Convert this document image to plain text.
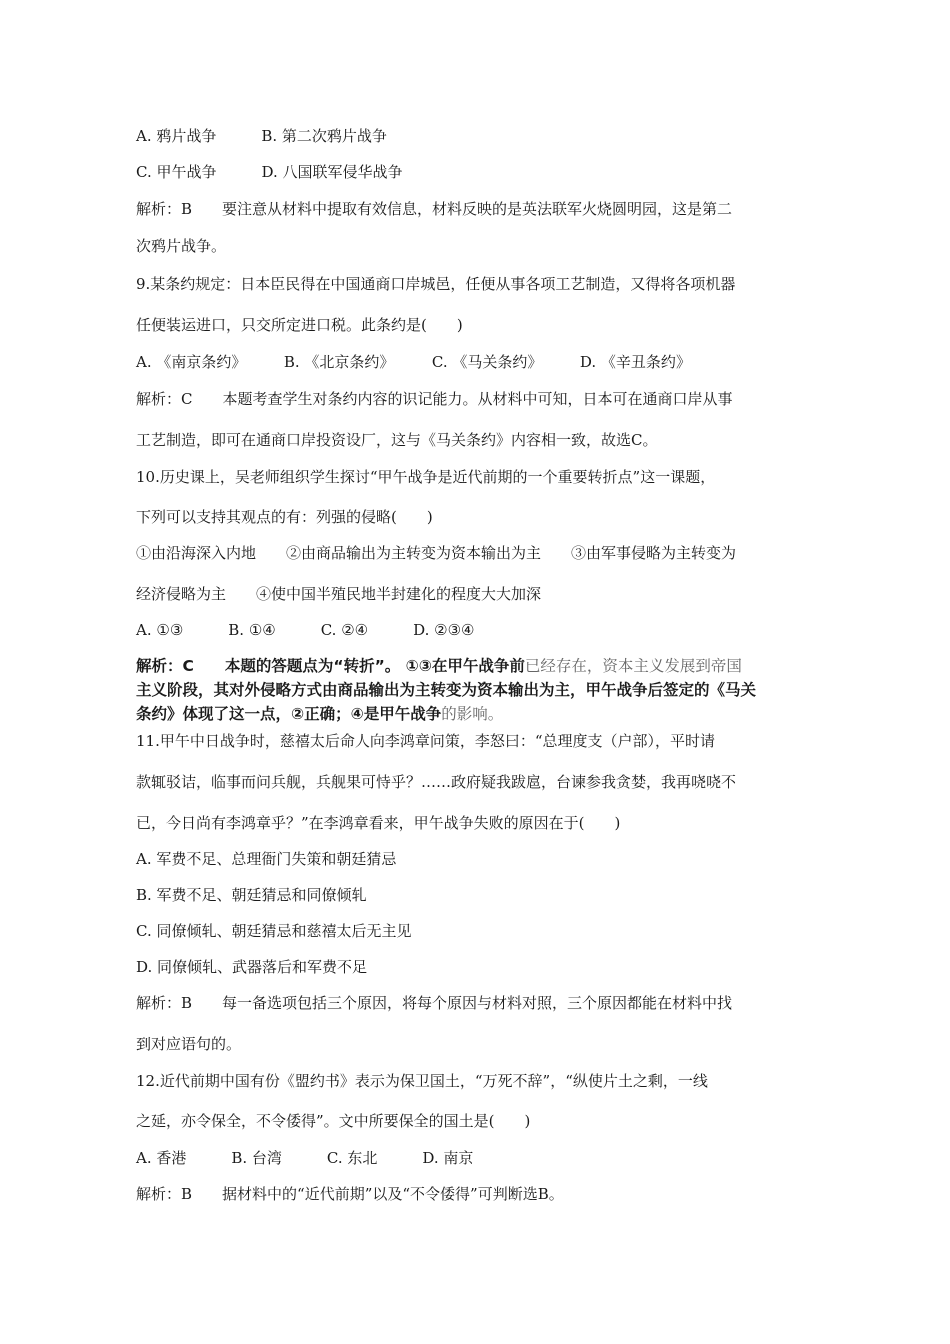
A. 鸦片战争　　　B. 第二次鸦片战争
C. 甲午战争　　　D. 八国联军侵华战争
解析：B　　要注意从材料中提取有效信息，材料反映的是英法联军火烧圆明园，这是第二
次鸦片战争。
9.某条约规定：日本臣民得在中国通商口岸城邑，任便从事各项工艺制造，又得将各项机器
任便装运进口，只交所定进口税。此条约是(　　)
A. 《南京条约》　　　B. 《北京条约》　　　C. 《马关条约》　　　D. 《辛丑条约》
解析：C　　本题考查学生对条约内容的识记能力。从材料中可知，日本可在通商口岸从事
工艺制造，即可在通商口岸投资设厂，这与《马关条约》内容相一致，故选C。
10.历史课上，吴老师组织学生探讨“甲午战争是近代前期的一个重要转折点”这一课题，
下列可以支持其观点的有：列强的侵略(　　)
①由沿海深入内地　　②由商品输出为主转变为资本输出为主　　③由军事侵略为主转变为
经济侵略为主　　④使中国半殖民地半封建化的程度大大加深
A. ①③　　　B. ①④　　　C. ②④　　　D. ②③④
解析：C　　本题的答题点为“转折”。 ①③在甲午战争前已经存在，资本主义发展到帝国
主义阶段，其对外侵略方式由商品输出为主转变为资本输出为主，甲午战争后签定的《马关
条约》体现了这一点，②正确；④是甲午战争的影响。
11.甲午中日战争时，慈禧太后命人向李鸿章问策，李怒曰：“总理度支（户部），平时请
款辄驳诘，临事而问兵舰，兵舰果可恃乎？……政府疑我跋扈，台谏参我贪婪，我再哓哓不
已，今日尚有李鸿章乎？”在李鸿章看来，甲午战争失败的原因在于(　　)
A. 军费不足、总理衙门失策和朝廷猜忌
B. 军费不足、朝廷猜忌和同僚倾轧
C. 同僚倾轧、朝廷猜忌和慈禧太后无主见
D. 同僚倾轧、武器落后和军费不足
解析：B　　每一备选项包括三个原因，将每个原因与材料对照，三个原因都能在材料中找
到对应语句的。
12.近代前期中国有份《盟约书》表示为保卫国土，“万死不辞”，“纵使片土之剩，一线
之延，亦令保全，不令倭得”。文中所要保全的国土是(　　)
A. 香港　　　B. 台湾　　　C. 东北　　　D. 南京
解析：B　　据材料中的“近代前期”以及“不令倭得”可判断选B。
